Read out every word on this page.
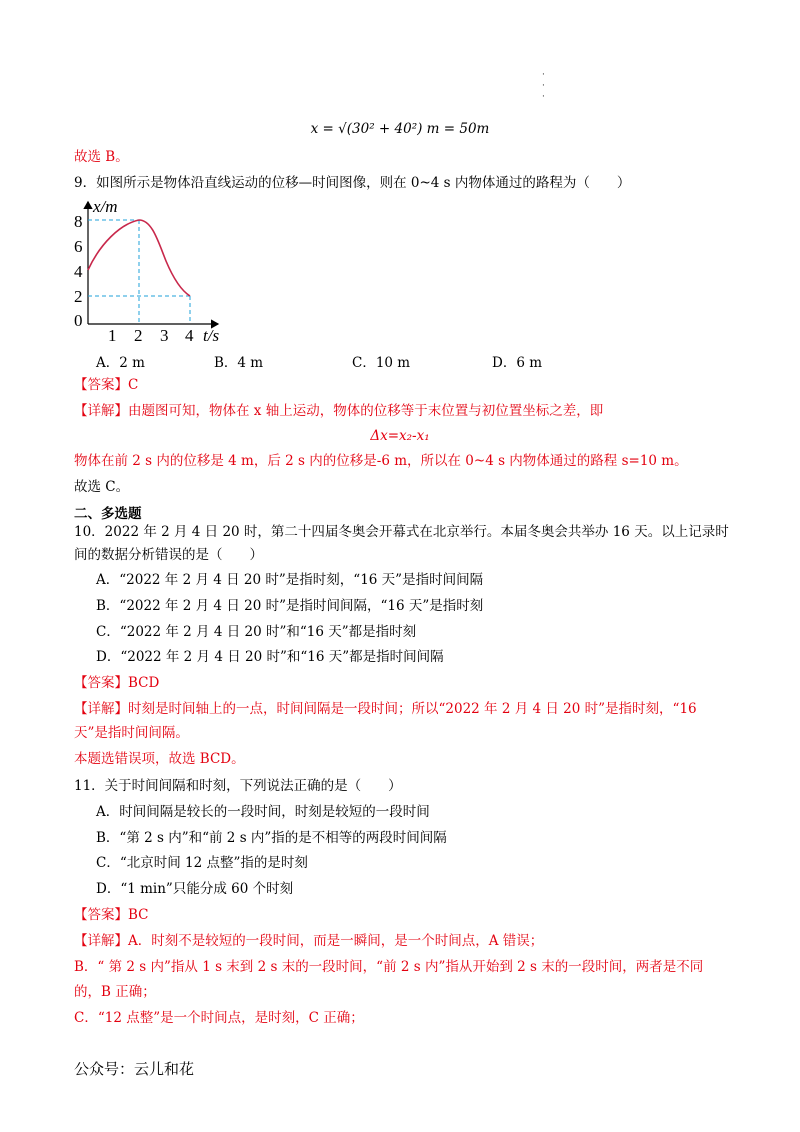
·
·
·
x = √(30² + 40²) m = 50m
故选 B。
9．如图所示是物体沿直线运动的位移—时间图像，则在 0~4 s 内物体通过的路程为（　　）
x/m
8
6
4
2
0
1 2 3 4 t/s
A．2 m	B．4 m	C．10 m	D．6 m
【答案】C
【详解】由题图可知，物体在 x 轴上运动，物体的位移等于末位置与初位置坐标之差，即
Δx=x₂-x₁
物体在前 2 s 内的位移是 4 m，后 2 s 内的位移是-6 m，所以在 0~4 s 内物体通过的路程 s=10 m。
故选 C。
二、多选题
10．2022 年 2 月 4 日 20 时，第二十四届冬奥会开幕式在北京举行。本届冬奥会共举办 16 天。以上记录时
间的数据分析错误的是（　　）
A．“2022 年 2 月 4 日 20 时”是指时刻，“16 天”是指时间间隔
B．“2022 年 2 月 4 日 20 时”是指时间间隔，“16 天”是指时刻
C．“2022 年 2 月 4 日 20 时”和“16 天”都是指时刻
D．“2022 年 2 月 4 日 20 时”和“16 天”都是指时间间隔
【答案】BCD
【详解】时刻是时间轴上的一点，时间间隔是一段时间；所以“2022 年 2 月 4 日 20 时”是指时刻，“16
天”是指时间间隔。
本题选错误项，故选 BCD。
11．关于时间间隔和时刻，下列说法正确的是（　　）
A．时间间隔是较长的一段时间，时刻是较短的一段时间
B．“第 2 s 内”和“前 2 s 内”指的是不相等的两段时间间隔
C．“北京时间 12 点整”指的是时刻
D．“1 min”只能分成 60 个时刻
【答案】BC
【详解】A．时刻不是较短的一段时间，而是一瞬间，是一个时间点，A 错误；
B．“ 第 2 s 内”指从 1 s 末到 2 s 末的一段时间，“前 2 s 内”指从开始到 2 s 末的一段时间，两者是不同
的，B 正确；
C．“12 点整”是一个时间点，是时刻，C 正确；
公众号：云儿和花
